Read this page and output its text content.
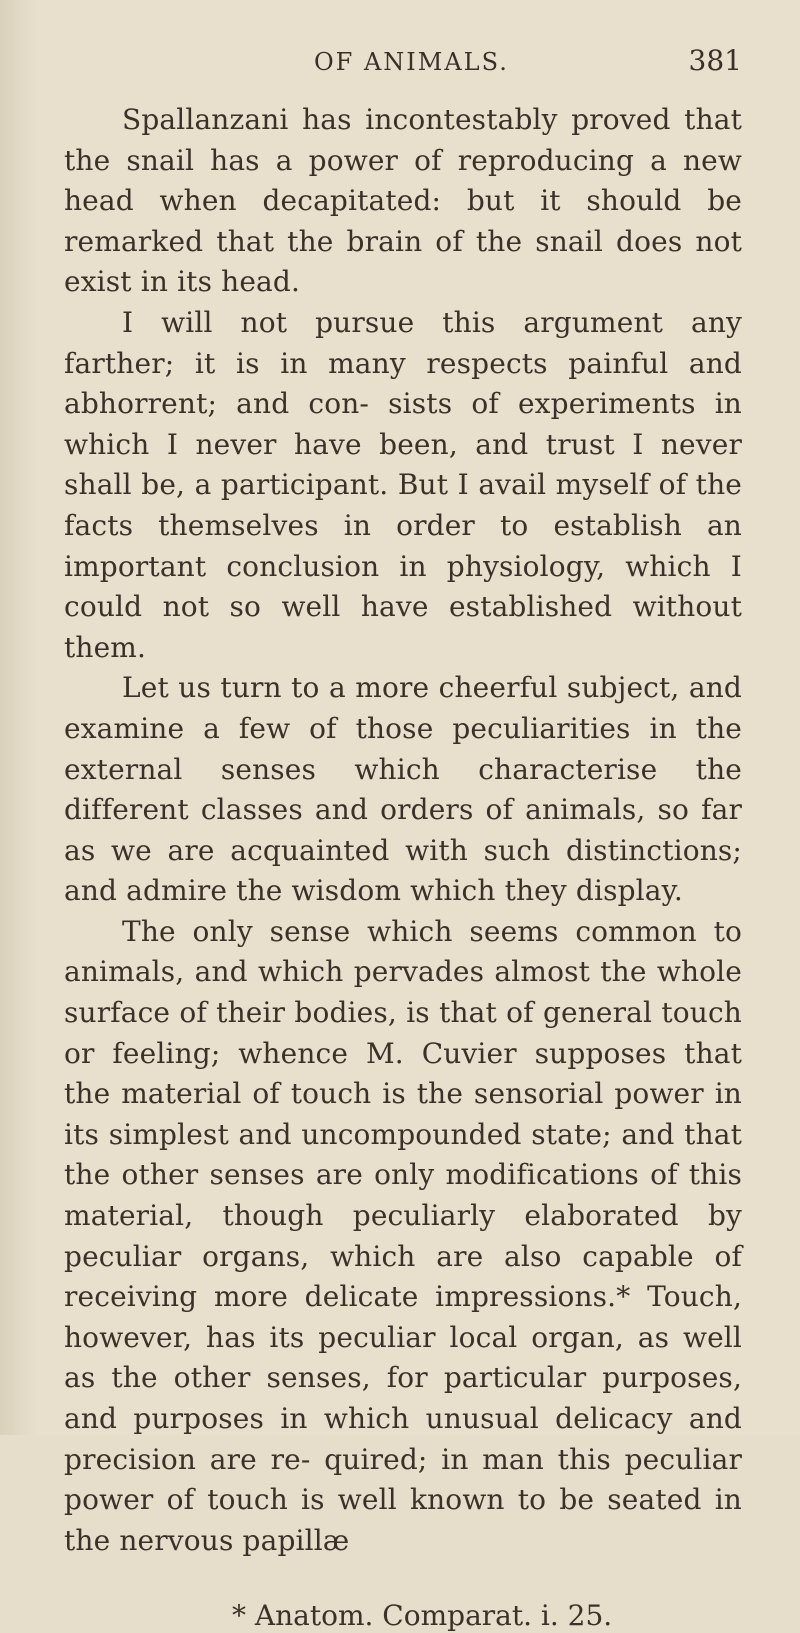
OF ANIMALS.	381

Spallanzani has incontestably proved that the snail has a power of reproducing a new head when decapitated: but it should be remarked that the brain of the snail does not exist in its head.

I will not pursue this argument any farther; it is in many respects painful and abhorrent; and con- sists of experiments in which I never have been, and trust I never shall be, a participant. But I avail myself of the facts themselves in order to establish an important conclusion in physiology, which I could not so well have established without them.

Let us turn to a more cheerful subject, and examine a few of those peculiarities in the external senses which characterise the different classes and orders of animals, so far as we are acquainted with such distinctions; and admire the wisdom which they display.

The only sense which seems common to animals, and which pervades almost the whole surface of their bodies, is that of general touch or feeling; whence M. Cuvier supposes that the material of touch is the sensorial power in its simplest and uncompounded state; and that the other senses are only modifications of this material, though peculiarly elaborated by peculiar organs, which are also capable of receiving more delicate impressions.* Touch, however, has its peculiar local organ, as well as the other senses, for particular purposes, and purposes in which unusual delicacy and precision are re- quired; in man this peculiar power of touch is well known to be seated in the nervous papillæ

* Anatom. Comparat. i. 25.
